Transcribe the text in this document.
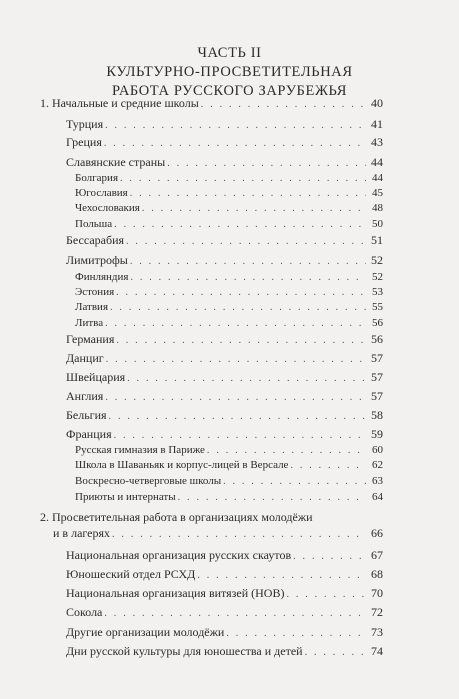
ЧАСТЬ II
КУЛЬТУРНО-ПРОСВЕТИТЕЛЬНАЯ
РАБОТА РУССКОГО ЗАРУБЕЖЬЯ
1. Начальные и средние школы . . .	40
Турция . . .	41
Греция . . .	43
Славянские страны . . .	44
Болгария . . .	44
Югославия . . .	45
Чехословакия . . .	48
Польша . . .	50
Бессарабия . . .	51
Лимитрофы . . .	52
Финляндия . . .	52
Эстония . . .	53
Латвия . . .	55
Литва . . .	56
Германия . . .	56
Данциг . . .	57
Швейцария . . .	57
Англия . . .	57
Бельгия . . .	58
Франция . . .	59
Русская гимназия в Париже . . .	60
Школа в Шаваньяк и корпус-лицей в Версале . . .	62
Воскресно-четверговые школы . . .	63
Приюты и интернаты . . .	64
2. Просветительная работа в организациях молодёжи
и в лагерях . . .	66
Национальная организация русских скаутов . . .	67
Юношеский отдел РСХД . . .	68
Национальная организация витязей (НОВ) . . .	70
Сокола . . .	72
Другие организации молодёжи . . .	73
Дни русской культуры для юношества и детей . . .	74
